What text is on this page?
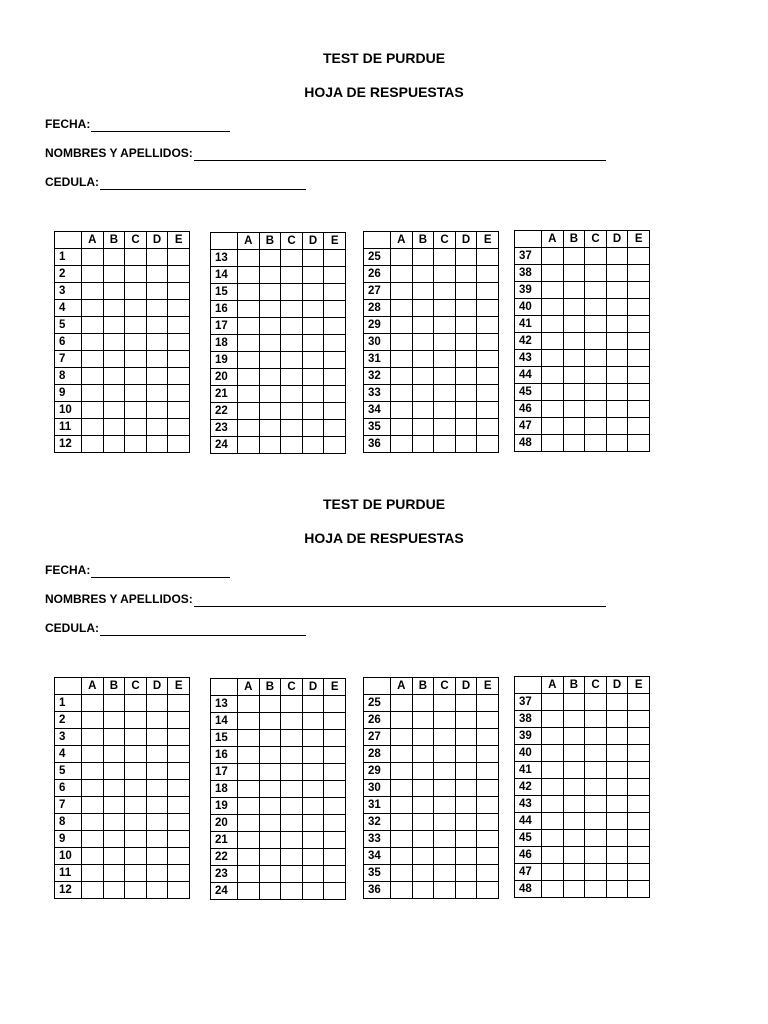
TEST DE PURDUE
HOJA DE RESPUESTAS
FECHA:
NOMBRES Y APELLIDOS:
CEDULA:
	A	B	C	D	E
1					
2					
3					
4					
5					
6					
7					
8					
9					
10					
11					
12					
	A	B	C	D	E
13					
14					
15					
16					
17					
18					
19					
20					
21					
22					
23					
24					
	A	B	C	D	E
25					
26					
27					
28					
29					
30					
31					
32					
33					
34					
35					
36					
	A	B	C	D	E
37					
38					
39					
40					
41					
42					
43					
44					
45					
46					
47					
48					
TEST DE PURDUE
HOJA DE RESPUESTAS
FECHA:
NOMBRES Y APELLIDOS:
CEDULA:
	A	B	C	D	E
1					
2					
3					
4					
5					
6					
7					
8					
9					
10					
11					
12					
	A	B	C	D	E
13					
14					
15					
16					
17					
18					
19					
20					
21					
22					
23					
24					
	A	B	C	D	E
25					
26					
27					
28					
29					
30					
31					
32					
33					
34					
35					
36					
	A	B	C	D	E
37					
38					
39					
40					
41					
42					
43					
44					
45					
46					
47					
48					
